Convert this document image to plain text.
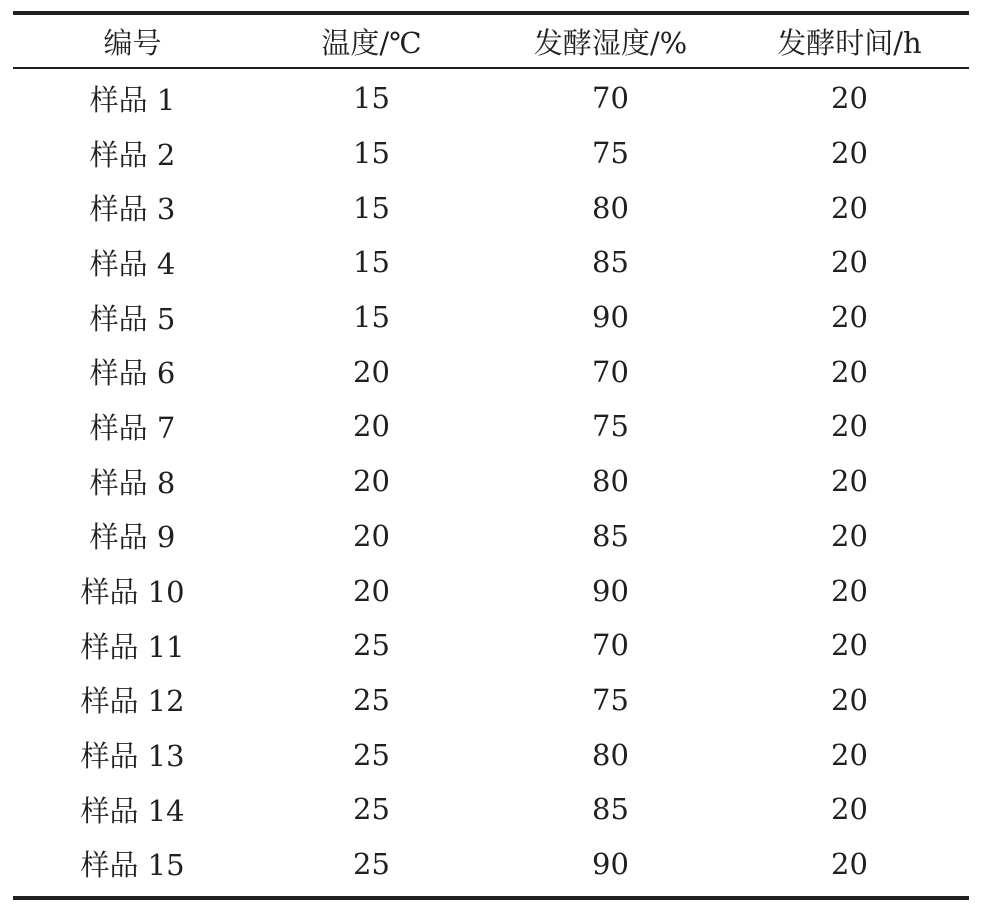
编号	温度/℃	发酵湿度/%	发酵时间/h
样品 1	15	70	20
样品 2	15	75	20
样品 3	15	80	20
样品 4	15	85	20
样品 5	15	90	20
样品 6	20	70	20
样品 7	20	75	20
样品 8	20	80	20
样品 9	20	85	20
样品 10	20	90	20
样品 11	25	70	20
样品 12	25	75	20
样品 13	25	80	20
样品 14	25	85	20
样品 15	25	90	20
